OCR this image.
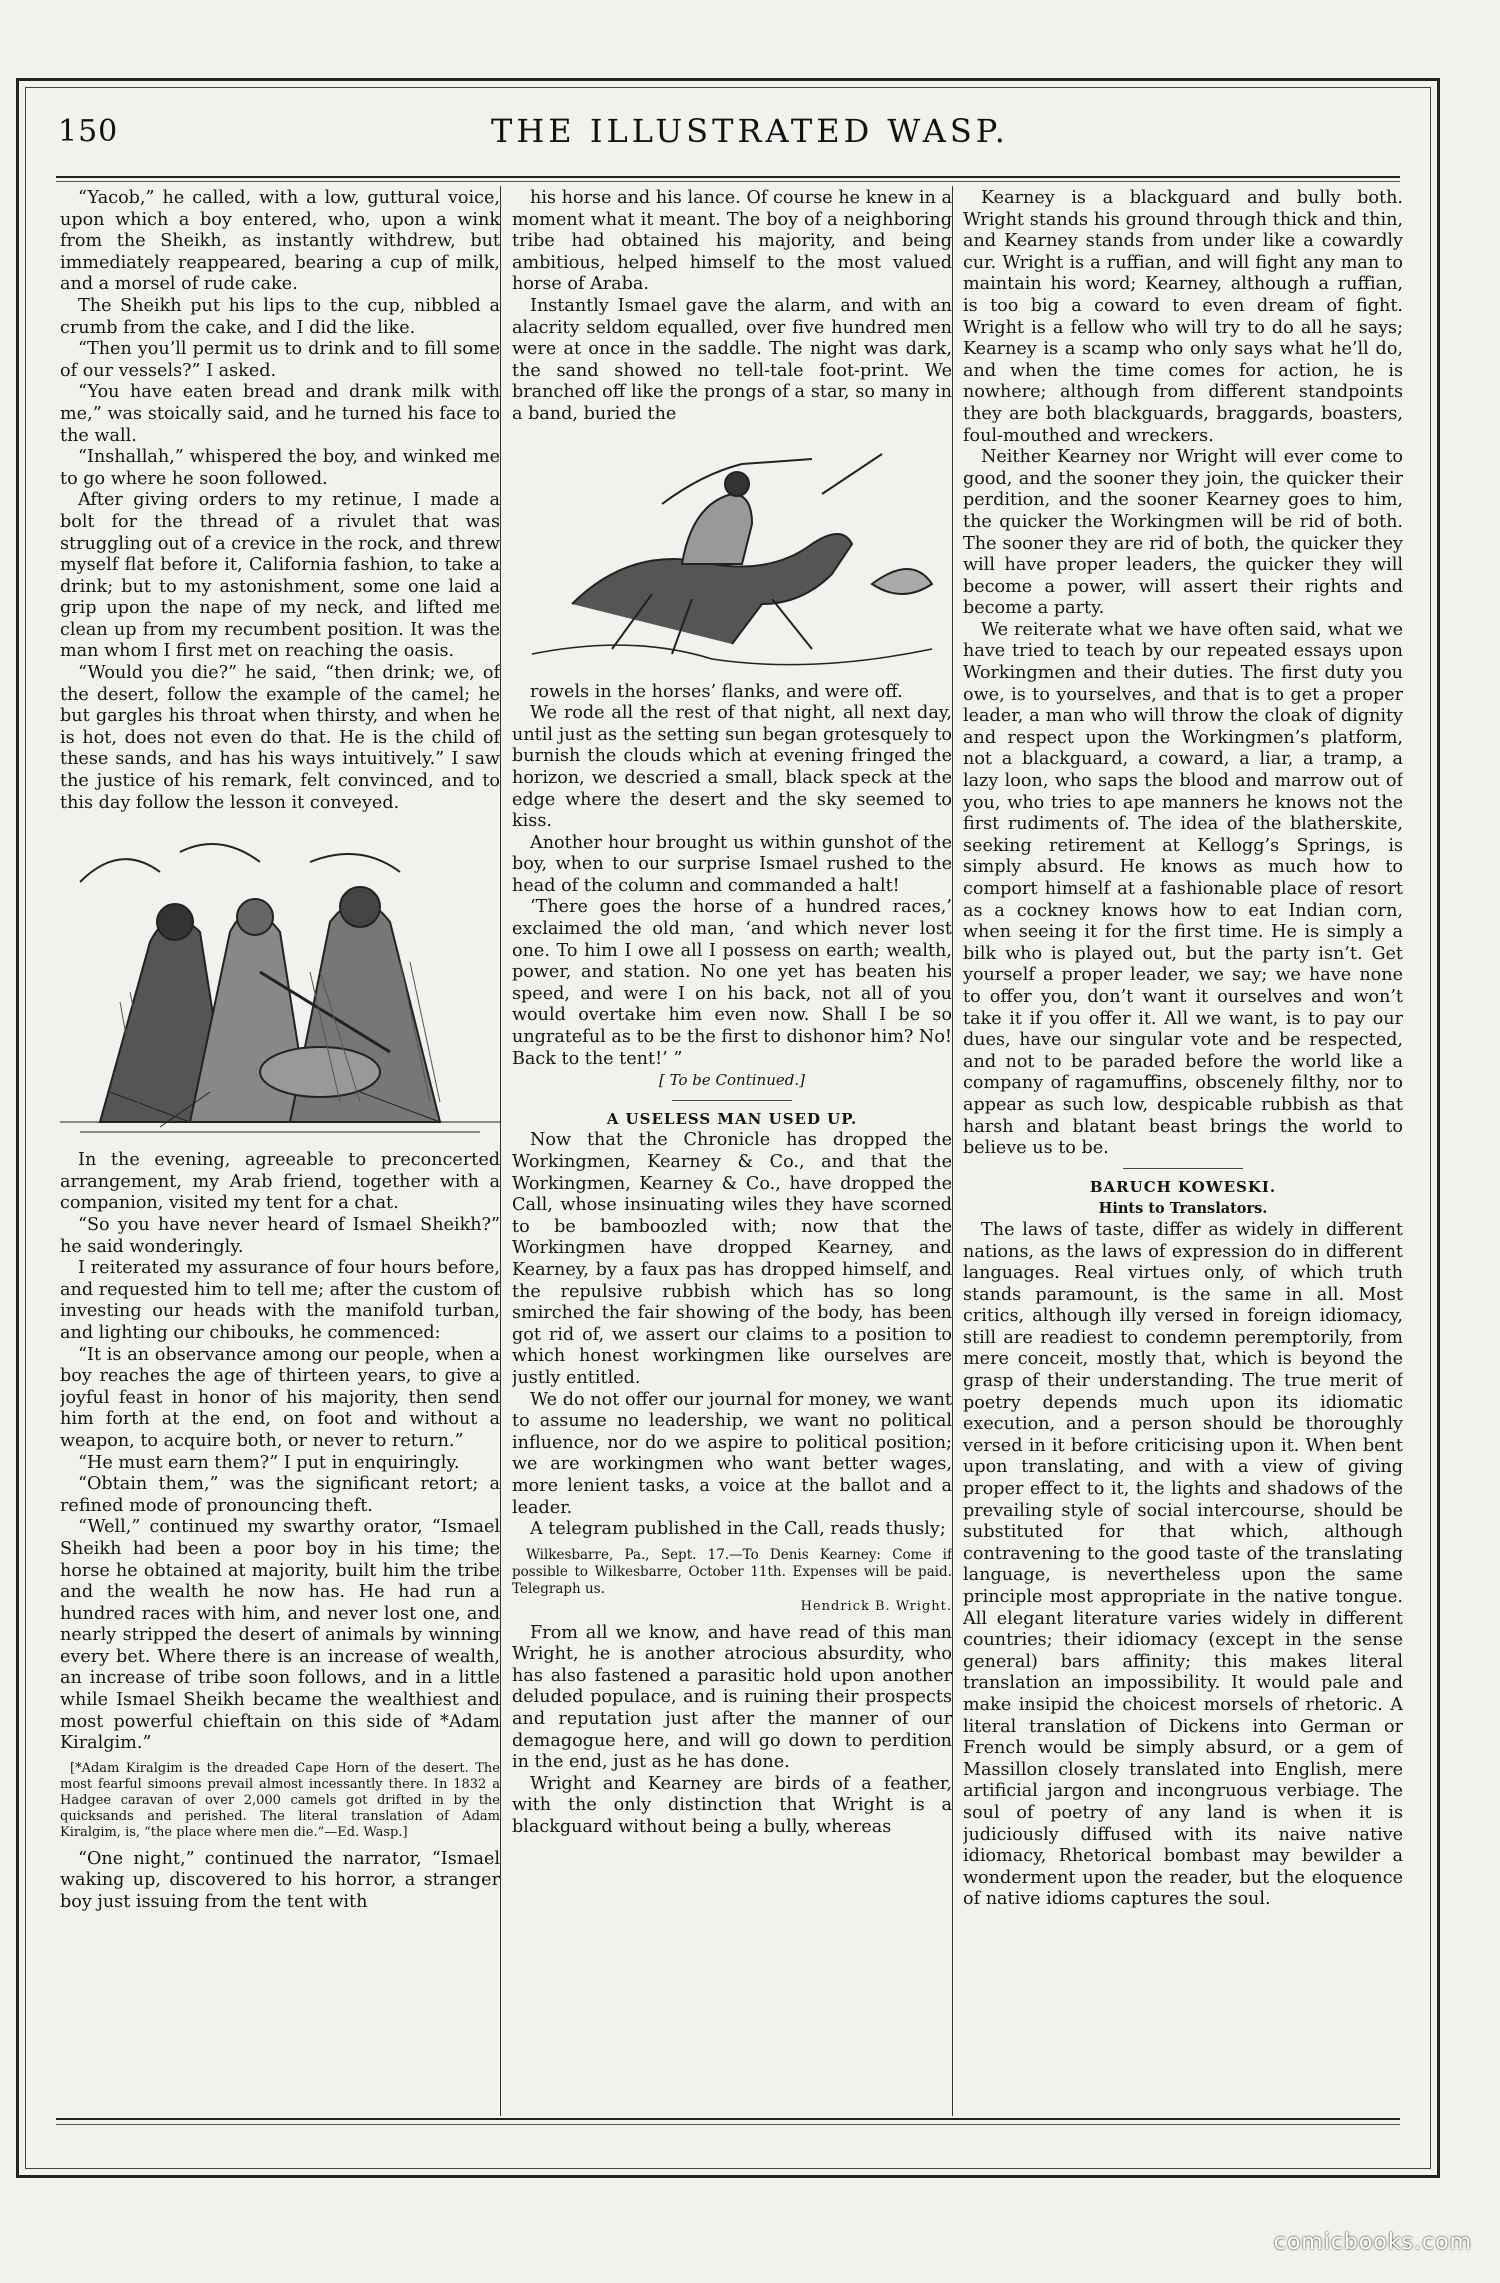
150	THE ILLUSTRATED WASP.

“Yacob,” he called, with a low, guttural voice, upon which a boy entered, who, upon a wink from the Sheikh, as instantly withdrew, but immediately reappeared, bearing a cup of milk, and a morsel of rude cake.

The Sheikh put his lips to the cup, nibbled a crumb from the cake, and I did the like.

“Then you’ll permit us to drink and to fill some of our vessels?” I asked.

“You have eaten bread and drank milk with me,” was stoically said, and he turned his face to the wall.

“Inshallah,” whispered the boy, and winked me to go where he soon followed.

After giving orders to my retinue, I made a bolt for the thread of a rivulet that was struggling out of a crevice in the rock, and threw myself flat before it, California fashion, to take a drink; but to my astonishment, some one laid a grip upon the nape of my neck, and lifted me clean up from my recumbent position. It was the man whom I first met on reaching the oasis.

“Would you die?” he said, “then drink; we, of the desert, follow the example of the camel; he but gargles his throat when thirsty, and when he is hot, does not even do that. He is the child of these sands, and has his ways intuitively.” I saw the justice of his remark, felt convinced, and to this day follow the lesson it conveyed.

In the evening, agreeable to preconcerted arrangement, my Arab friend, together with a companion, visited my tent for a chat.

“So you have never heard of Ismael Sheikh?” he said wonderingly.

I reiterated my assurance of four hours before, and requested him to tell me; after the custom of investing our heads with the manifold turban, and lighting our chibouks, he commenced:

“It is an observance among our people, when a boy reaches the age of thirteen years, to give a joyful feast in honor of his majority, then send him forth at the end, on foot and without a weapon, to acquire both, or never to return.”

“He must earn them?” I put in enquiringly.

“Obtain them,” was the significant retort; a refined mode of pronouncing theft.

“Well,” continued my swarthy orator, “Ismael Sheikh had been a poor boy in his time; the horse he obtained at majority, built him the tribe and the wealth he now has. He had run a hundred races with him, and never lost one, and nearly stripped the desert of animals by winning every bet. Where there is an increase of wealth, an increase of tribe soon follows, and in a little while Ismael Sheikh became the wealthiest and most powerful chieftain on this side of *Adam Kiralgim.”

[*Adam Kiralgim is the dreaded Cape Horn of the desert. The most fearful simoons prevail almost incessantly there. In 1832 a Hadgee caravan of over 2,000 camels got drifted in by the quicksands and perished. The literal translation of Adam Kiralgim, is, “the place where men die.”—Ed. Wasp.]

“One night,” continued the narrator, “Ismael waking up, discovered to his horror, a stranger boy just issuing from the tent with

his horse and his lance. Of course he knew in a moment what it meant. The boy of a neighboring tribe had obtained his majority, and being ambitious, helped himself to the most valued horse of Araba.

Instantly Ismael gave the alarm, and with an alacrity seldom equalled, over five hundred men were at once in the saddle. The night was dark, the sand showed no tell-tale foot-print. We branched off like the prongs of a star, so many in a band, buried the

rowels in the horses’ flanks, and were off.

We rode all the rest of that night, all next day, until just as the setting sun began grotesquely to burnish the clouds which at evening fringed the horizon, we descried a small, black speck at the edge where the desert and the sky seemed to kiss.

Another hour brought us within gunshot of the boy, when to our surprise Ismael rushed to the head of the column and commanded a halt!

‘There goes the horse of a hundred races,’ exclaimed the old man, ‘and which never lost one. To him I owe all I possess on earth; wealth, power, and station. No one yet has beaten his speed, and were I on his back, not all of you would overtake him even now. Shall I be so ungrateful as to be the first to dishonor him? No! Back to the tent!’ ”

[ To be Continued.]

A USELESS MAN USED UP.

Now that the Chronicle has dropped the Workingmen, Kearney & Co., and that the Workingmen, Kearney & Co., have dropped the Call, whose insinuating wiles they have scorned to be bamboozled with; now that the Workingmen have dropped Kearney, and Kearney, by a faux pas has dropped himself, and the repulsive rubbish which has so long smirched the fair showing of the body, has been got rid of, we assert our claims to a position to which honest workingmen like ourselves are justly entitled.

We do not offer our journal for money, we want to assume no leadership, we want no political influence, nor do we aspire to political position; we are workingmen who want better wages, more lenient tasks, a voice at the ballot and a leader.

A telegram published in the Call, reads thusly;

Wilkesbarre, Pa., Sept. 17.—To Denis Kearney: Come if possible to Wilkesbarre, October 11th. Expenses will be paid. Telegraph us.

Hendrick B. Wright.

From all we know, and have read of this man Wright, he is another atrocious absurdity, who has also fastened a parasitic hold upon another deluded populace, and is ruining their prospects and reputation just after the manner of our demagogue here, and will go down to perdition in the end, just as he has done.

Wright and Kearney are birds of a feather, with the only distinction that Wright is a blackguard without being a bully, whereas

Kearney is a blackguard and bully both. Wright stands his ground through thick and thin, and Kearney stands from under like a cowardly cur. Wright is a ruffian, and will fight any man to maintain his word; Kearney, although a ruffian, is too big a coward to even dream of fight. Wright is a fellow who will try to do all he says; Kearney is a scamp who only says what he’ll do, and when the time comes for action, he is nowhere; although from different standpoints they are both blackguards, braggards, boasters, foul-mouthed and wreckers.

Neither Kearney nor Wright will ever come to good, and the sooner they join, the quicker their perdition, and the sooner Kearney goes to him, the quicker the Workingmen will be rid of both. The sooner they are rid of both, the quicker they will have proper leaders, the quicker they will become a power, will assert their rights and become a party.

We reiterate what we have often said, what we have tried to teach by our repeated essays upon Workingmen and their duties. The first duty you owe, is to yourselves, and that is to get a proper leader, a man who will throw the cloak of dignity and respect upon the Workingmen’s platform, not a blackguard, a coward, a liar, a tramp, a lazy loon, who saps the blood and marrow out of you, who tries to ape manners he knows not the first rudiments of. The idea of the blatherskite, seeking retirement at Kellogg’s Springs, is simply absurd. He knows as much how to comport himself at a fashionable place of resort as a cockney knows how to eat Indian corn, when seeing it for the first time. He is simply a bilk who is played out, but the party isn’t. Get yourself a proper leader, we say; we have none to offer you, don’t want it ourselves and won’t take it if you offer it. All we want, is to pay our dues, have our singular vote and be respected, and not to be paraded before the world like a company of ragamuffins, obscenely filthy, nor to appear as such low, despicable rubbish as that harsh and blatant beast brings the world to believe us to be.

BARUCH KOWESKI.

Hints to Translators.

The laws of taste, differ as widely in different nations, as the laws of expression do in different languages. Real virtues only, of which truth stands paramount, is the same in all. Most critics, although illy versed in foreign idiomacy, still are readiest to condemn peremptorily, from mere conceit, mostly that, which is beyond the grasp of their understanding. The true merit of poetry depends much upon its idiomatic execution, and a person should be thoroughly versed in it before criticising upon it. When bent upon translating, and with a view of giving proper effect to it, the lights and shadows of the prevailing style of social intercourse, should be substituted for that which, although contravening to the good taste of the translating language, is nevertheless upon the same principle most appropriate in the native tongue. All elegant literature varies widely in different countries; their idiomacy (except in the sense general) bars affinity; this makes literal translation an impossibility. It would pale and make insipid the choicest morsels of rhetoric. A literal translation of Dickens into German or French would be simply absurd, or a gem of Massillon closely translated into English, mere artificial jargon and incongruous verbiage. The soul of poetry of any land is when it is judiciously diffused with its naive native idiomacy, Rhetorical bombast may bewilder a wonderment upon the reader, but the eloquence of native idioms captures the soul.

comicbooks.com
